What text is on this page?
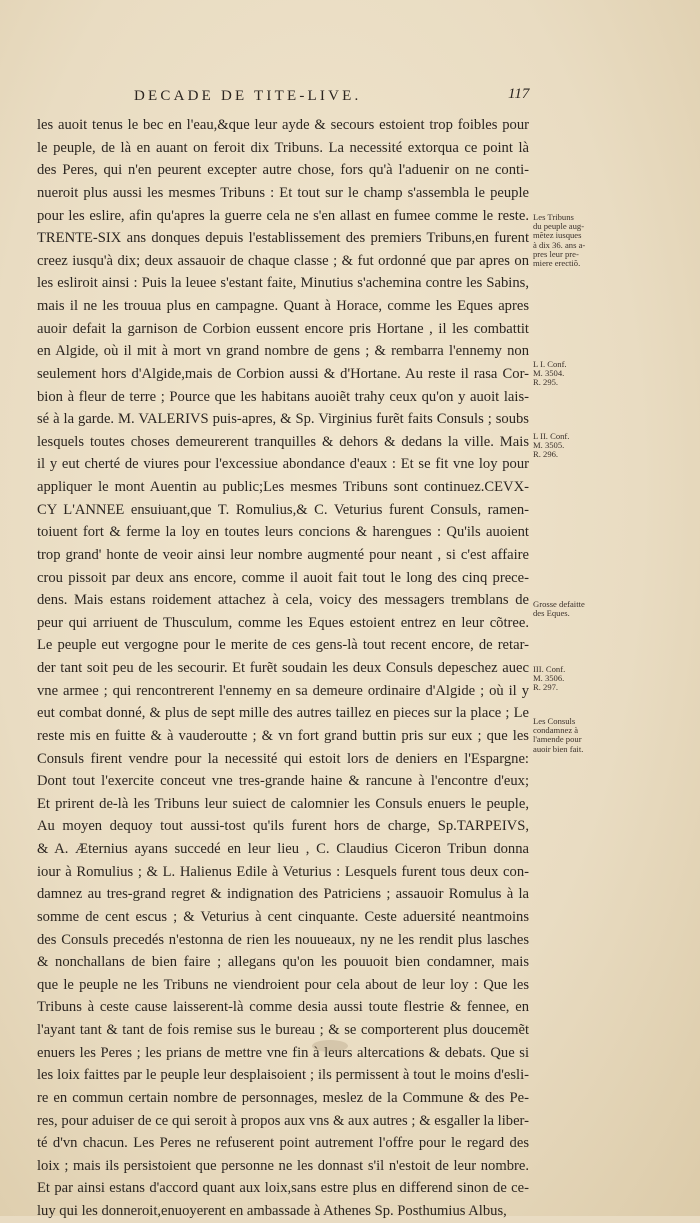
DECADE DE TITE-LIVE.	117
les auoit tenus le bec en l'eau,&que leur ayde & secours estoient trop foibles pour
le peuple, de là en auant on feroit dix Tribuns. La necessité extorqua ce point là
des Peres, qui n'en peurent excepter autre chose, fors qu'à l'aduenir on ne conti-
nueroit plus aussi les mesmes Tribuns : Et tout sur le champ s'assembla le peuple
pour les eslire, afin qu'apres la guerre cela ne s'en allast en fumee comme le reste.
TRENTE-SIX ans donques depuis l'establissement des premiers Tribuns,en furent
creez iusqu'à dix; deux assauoir de chaque classe ; & fut ordonné que par apres on
les esliroit ainsi : Puis la leuee s'estant faite, Minutius s'achemina contre les Sabins,
mais il ne les trouua plus en campagne. Quant à Horace, comme les Eques apres
auoir defait la garnison de Corbion eussent encore pris Hortane , il les combattit
en Algide, où il mit à mort vn grand nombre de gens ; & rembarra l'ennemy non
seulement hors d'Algide,mais de Corbion aussi & d'Hortane. Au reste il rasa Cor-
bion à fleur de terre ; Pource que les habitans auoiẽt trahy ceux qu'on y auoit lais-
sé à la garde. M. VALERIVS puis-apres, & Sp. Virginius furẽt faits Consuls ; soubs
lesquels toutes choses demeurerent tranquilles & dehors & dedans la ville. Mais
il y eut cherté de viures pour l'excessiue abondance d'eaux : Et se fit vne loy pour
appliquer le mont Auentin au public;Les mesmes Tribuns sont continuez.CEVX-
CY L'ANNEE ensuiuant,que T. Romulius,& C. Veturius furent Consuls, ramen-
toiuent fort & ferme la loy en toutes leurs concions & harengues : Qu'ils auoient
trop grand' honte de veoir ainsi leur nombre augmenté pour neant , si c'est affaire
crou pissoit par deux ans encore, comme il auoit fait tout le long des cinq prece-
dens. Mais estans roidement attachez à cela, voicy des messagers tremblans de
peur qui arriuent de Thusculum, comme les Eques estoient entrez en leur cõtree.
Le peuple eut vergogne pour le merite de ces gens-là tout recent encore, de retar-
der tant soit peu de les secourir. Et furẽt soudain les deux Consuls depeschez auec
vne armee ; qui rencontrerent l'ennemy en sa demeure ordinaire d'Algide ; où il y
eut combat donné, & plus de sept mille des autres taillez en pieces sur la place ; Le
reste mis en fuitte & à vauderoutte ; & vn fort grand buttin pris sur eux ; que les
Consuls firent vendre pour la necessité qui estoit lors de deniers en l'Espargne:
Dont tout l'exercite conceut vne tres-grande haine & rancune à l'encontre d'eux;
Et prirent de-là les Tribuns leur suiect de calomnier les Consuls enuers le peuple,
Au moyen dequoy tout aussi-tost qu'ils furent hors de charge, Sp.TARPEIVS,
& A. Æternius ayans succedé en leur lieu , C. Claudius Ciceron Tribun donna
iour à Romulius ; & L. Halienus Edile à Veturius : Lesquels furent tous deux con-
damnez au tres-grand regret & indignation des Patriciens ; assauoir Romulus à la
somme de cent escus ; & Veturius à cent cinquante. Ceste aduersité neantmoins
des Consuls precedés n'estonna de rien les nouueaux, ny ne les rendit plus lasches
& nonchallans de bien faire ; allegans qu'on les pouuoit bien condamner, mais
que le peuple ne les Tribuns ne viendroient pour cela about de leur loy : Que les
Tribuns à ceste cause laisserent-là comme desia aussi toute flestrie & fennee, en
l'ayant tant & tant de fois remise sus le bureau ; & se comporterent plus doucemẽt
enuers les Peres ; les prians de mettre vne fin à leurs altercations & debats. Que si
les loix faittes par le peuple leur desplaisoient ; ils permissent à tout le moins d'esli-
re en commun certain nombre de personnages, meslez de la Commune & des Pe-
res, pour aduiser de ce qui seroit à propos aux vns & aux autres ; & esgaller la liber-
té d'vn chacun. Les Peres ne refuserent point autrement l'offre pour le regard des
loix ; mais ils persistoient que personne ne les donnast s'il n'estoit de leur nombre.
Et par ainsi estans d'accord quant aux loix,sans estre plus en differend sinon de ce-
luy qui les donneroit,enuoyerent en ambassade à Athenes Sp. Posthumius Albus,
Les Tribuns
du peuple aug-
mẽtez iusques
à dix 36. ans a-
pres leur pre-
miere erectiõ.
L I. Conf.
M. 3504.
R. 295.
L II. Conf.
M. 3505.
R. 296.
Grosse defaitte
des Eques.
III. Conf.
M. 3506.
R. 297.
Les Consuls
condamnez à
l'amende pour
auoir bien fait.
